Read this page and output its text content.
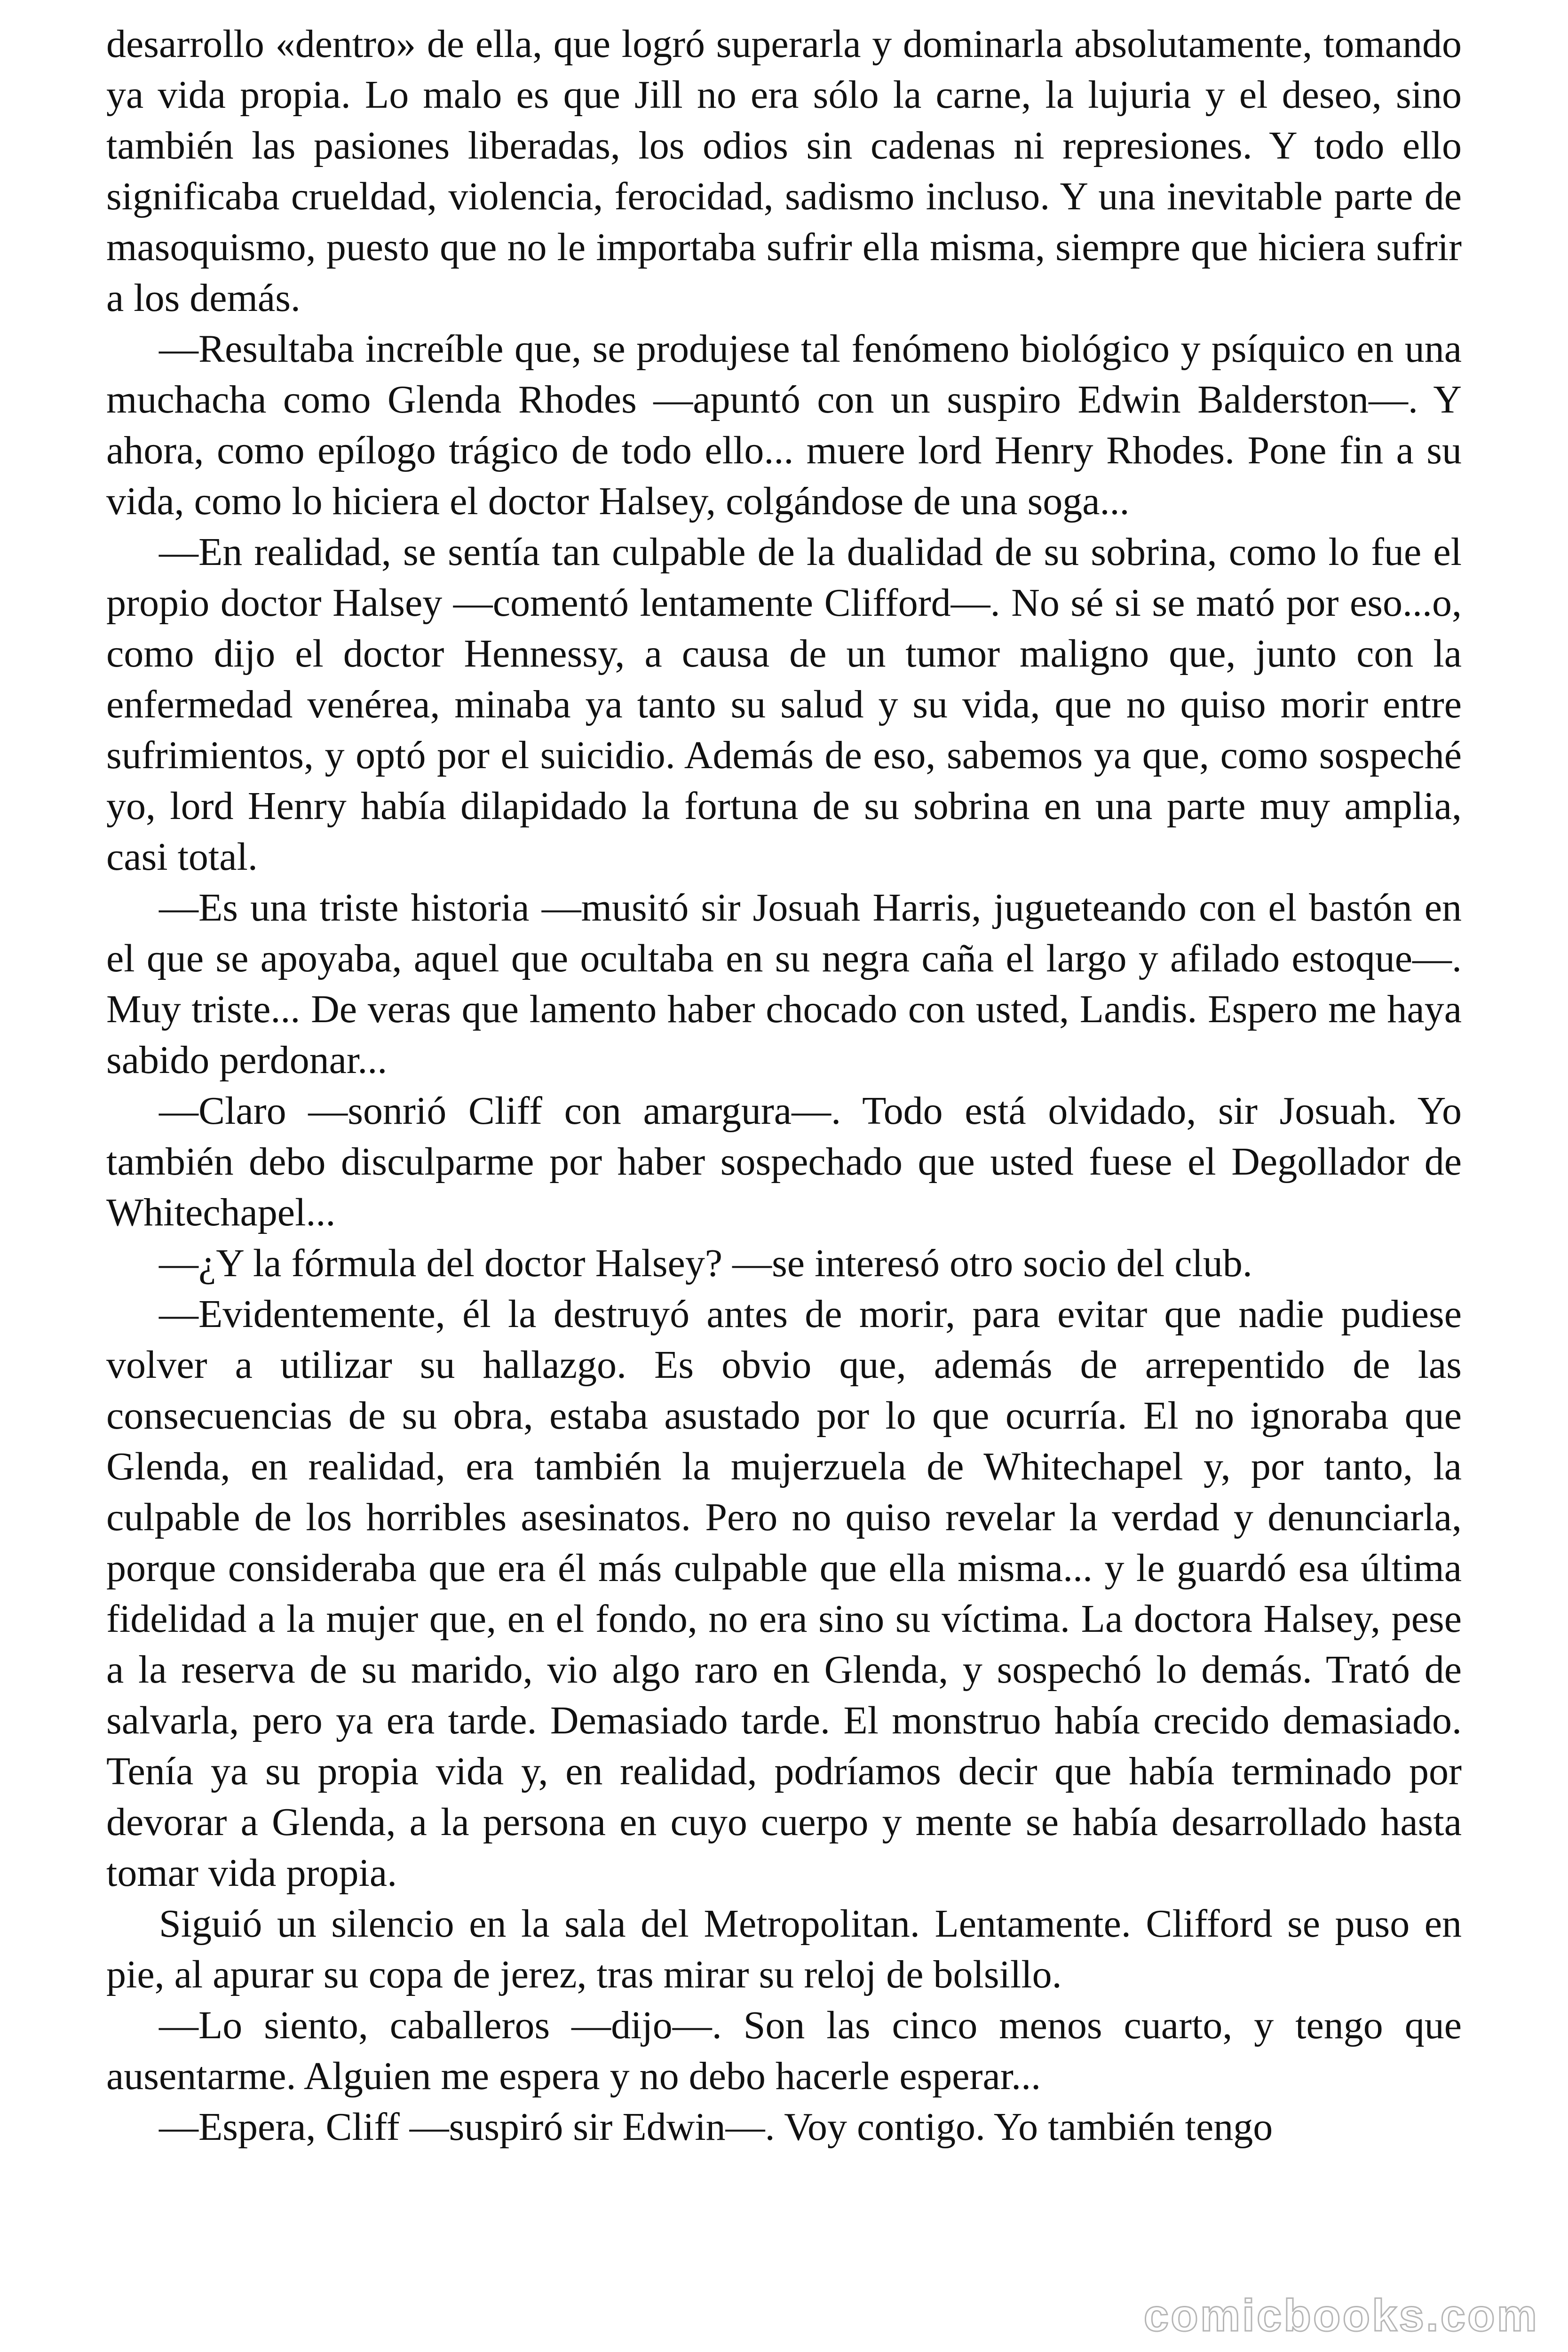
desarrollo «dentro» de ella, que logró superarla y dominarla absolutamente, tomando ya vida propia. Lo malo es que Jill no era sólo la carne, la lujuria y el deseo, sino también las pasiones liberadas, los odios sin cadenas ni represiones. Y todo ello significaba crueldad, violencia, ferocidad, sadismo incluso. Y una inevitable parte de masoquismo, puesto que no le importaba sufrir ella misma, siempre que hiciera sufrir a los demás.

—Resultaba increíble que, se produjese tal fenómeno biológico y psíquico en una muchacha como Glenda Rhodes —apuntó con un suspiro Edwin Balderston—. Y ahora, como epílogo trágico de todo ello... muere lord Henry Rhodes. Pone fin a su vida, como lo hiciera el doctor Halsey, colgándose de una soga...

—En realidad, se sentía tan culpable de la dualidad de su sobrina, como lo fue el propio doctor Halsey —comentó lentamente Clifford—. No sé si se mató por eso...o, como dijo el doctor Hennessy, a causa de un tumor maligno que, junto con la enfermedad venérea, minaba ya tanto su salud y su vida, que no quiso morir entre sufrimientos, y optó por el suicidio. Además de eso, sabemos ya que, como sospeché yo, lord Henry había dilapidado la fortuna de su sobrina en una parte muy amplia, casi total.

—Es una triste historia —musitó sir Josuah Harris, jugueteando con el bastón en el que se apoyaba, aquel que ocultaba en su negra caña el largo y afilado estoque—. Muy triste... De veras que lamento haber chocado con usted, Landis. Espero me haya sabido perdonar...

—Claro —sonrió Cliff con amargura—. Todo está olvidado, sir Josuah. Yo también debo disculparme por haber sospechado que usted fuese el Degollador de Whitechapel...

—¿Y la fórmula del doctor Halsey? —se interesó otro socio del club.

—Evidentemente, él la destruyó antes de morir, para evitar que nadie pudiese volver a utilizar su hallazgo. Es obvio que, además de arrepentido de las consecuencias de su obra, estaba asustado por lo que ocurría. El no ignoraba que Glenda, en realidad, era también la mujerzuela de Whitechapel y, por tanto, la culpable de los horribles asesinatos. Pero no quiso revelar la verdad y denunciarla, porque consideraba que era él más culpable que ella misma... y le guardó esa última fidelidad a la mujer que, en el fondo, no era sino su víctima. La doctora Halsey, pese a la reserva de su marido, vio algo raro en Glenda, y sospechó lo demás. Trató de salvarla, pero ya era tarde. Demasiado tarde. El monstruo había crecido demasiado. Tenía ya su propia vida y, en realidad, podríamos decir que había terminado por devorar a Glenda, a la persona en cuyo cuerpo y mente se había desarrollado hasta tomar vida propia.

Siguió un silencio en la sala del Metropolitan. Lentamente. Clifford se puso en pie, al apurar su copa de jerez, tras mirar su reloj de bolsillo.

—Lo siento, caballeros —dijo—. Son las cinco menos cuarto, y tengo que ausentarme. Alguien me espera y no debo hacerle esperar...

—Espera, Cliff —suspiró sir Edwin—. Voy contigo. Yo también tengo

comicbooks.com
